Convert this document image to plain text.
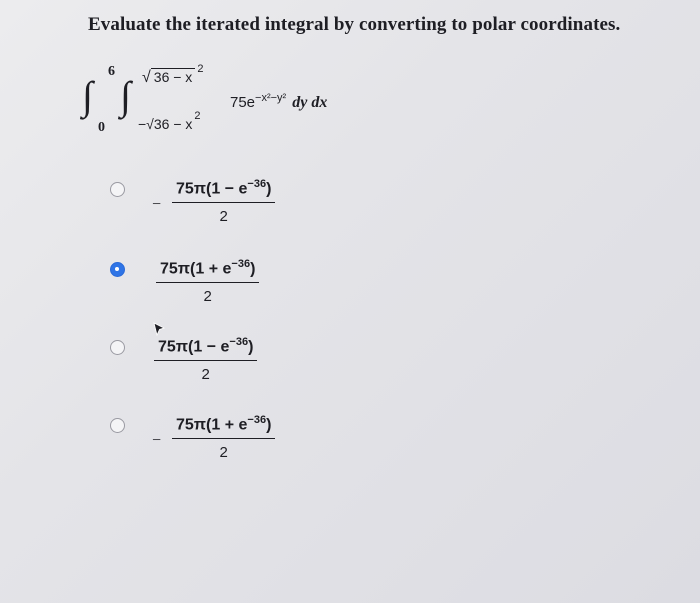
Evaluate the iterated integral by converting to polar coordinates.
∫
6
0
∫ √ 36 − x $^2$
−√36 − x $^2$
$75e^{-x^2-y^2}$ dy dx
− $\frac{75\pi(1 - e^{-36})}{2}$
$\frac{75\pi(1 + e^{-36})}{2}$
$\frac{75\pi(1 - e^{-36})}{2}$
− $\frac{75\pi(1 + e^{-36})}{2}$
